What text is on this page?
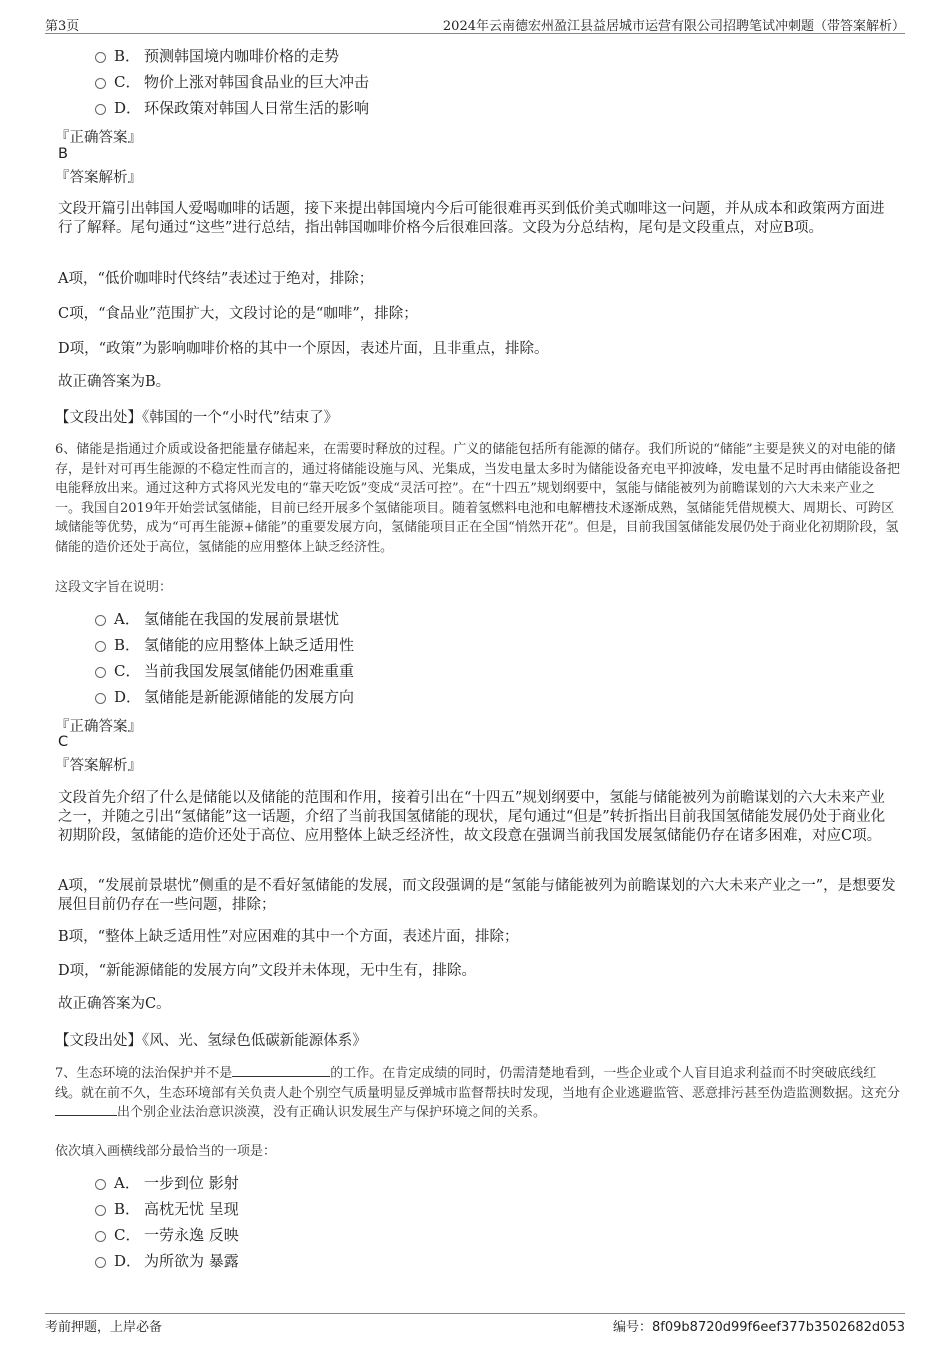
第3页	2024年云南德宏州盈江县益居城市运营有限公司招聘笔试冲刺题（带答案解析）
B． 预测韩国境内咖啡价格的走势
C． 物价上涨对韩国食品业的巨大冲击
D． 环保政策对韩国人日常生活的影响
『正确答案』
B
『答案解析』
文段开篇引出韩国人爱喝咖啡的话题，接下来提出韩国境内今后可能很难再买到低价美式咖啡这一问题，并从成本和政策两方面进行了解释。尾句通过“这些”进行总结，指出韩国咖啡价格今后很难回落。文段为分总结构，尾句是文段重点，对应B项。
A项，“低价咖啡时代终结”表述过于绝对，排除；
C项，“食品业”范围扩大，文段讨论的是“咖啡”，排除；
D项，“政策”为影响咖啡价格的其中一个原因，表述片面，且非重点，排除。
故正确答案为B。
【文段出处】《韩国的一个“小时代”结束了》
6、储能是指通过介质或设备把能量存储起来，在需要时释放的过程。广义的储能包括所有能源的储存。我们所说的“储能”主要是狭义的对电能的储存，是针对可再生能源的不稳定性而言的，通过将储能设施与风、光集成，当发电量太多时为储能设备充电平抑波峰，发电量不足时再由储能设备把电能释放出来。通过这种方式将风光发电的“靠天吃饭”变成“灵活可控”。在“十四五”规划纲要中，氢能与储能被列为前瞻谋划的六大未来产业之一。我国自2019年开始尝试氢储能，目前已经开展多个氢储能项目。随着氢燃料电池和电解槽技术逐渐成熟，氢储能凭借规模大、周期长、可跨区域储能等优势，成为“可再生能源+储能”的重要发展方向，氢储能项目正在全国“悄然开花”。但是，目前我国氢储能发展仍处于商业化初期阶段，氢储能的造价还处于高位，氢储能的应用整体上缺乏经济性。
这段文字旨在说明：
A． 氢储能在我国的发展前景堪忧
B． 氢储能的应用整体上缺乏适用性
C． 当前我国发展氢储能仍困难重重
D． 氢储能是新能源储能的发展方向
『正确答案』
C
『答案解析』
文段首先介绍了什么是储能以及储能的范围和作用，接着引出在“十四五”规划纲要中，氢能与储能被列为前瞻谋划的六大未来产业之一，并随之引出“氢储能”这一话题，介绍了当前我国氢储能的现状，尾句通过“但是”转折指出目前我国氢储能发展仍处于商业化初期阶段，氢储能的造价还处于高位、应用整体上缺乏经济性，故文段意在强调当前我国发展氢储能仍存在诸多困难，对应C项。
A项，“发展前景堪忧”侧重的是不看好氢储能的发展，而文段强调的是“氢能与储能被列为前瞻谋划的六大未来产业之一”，是想要发展但目前仍存在一些问题，排除；
B项，“整体上缺乏适用性”对应困难的其中一个方面，表述片面，排除；
D项，“新能源储能的发展方向”文段并未体现，无中生有，排除。
故正确答案为C。
【文段出处】《风、光、氢绿色低碳新能源体系》
7、生态环境的法治保护并不是	的工作。在肯定成绩的同时，仍需清楚地看到，一些企业或个人盲目追求利益而不时突破底线红线。就在前不久，生态环境部有关负责人赴个别空气质量明显反弹城市监督帮扶时发现，当地有企业逃避监管、恶意排污甚至伪造监测数据。这充分出个别企业法治意识淡漠，没有正确认识发展生产与保护环境之间的关系。
依次填入画横线部分最恰当的一项是：
A． 一步到位 影射
B． 高枕无忧 呈现
C． 一劳永逸 反映
D． 为所欲为 暴露
考前押题，上岸必备	编号：8f09b8720d99f6eef377b3502682d053
